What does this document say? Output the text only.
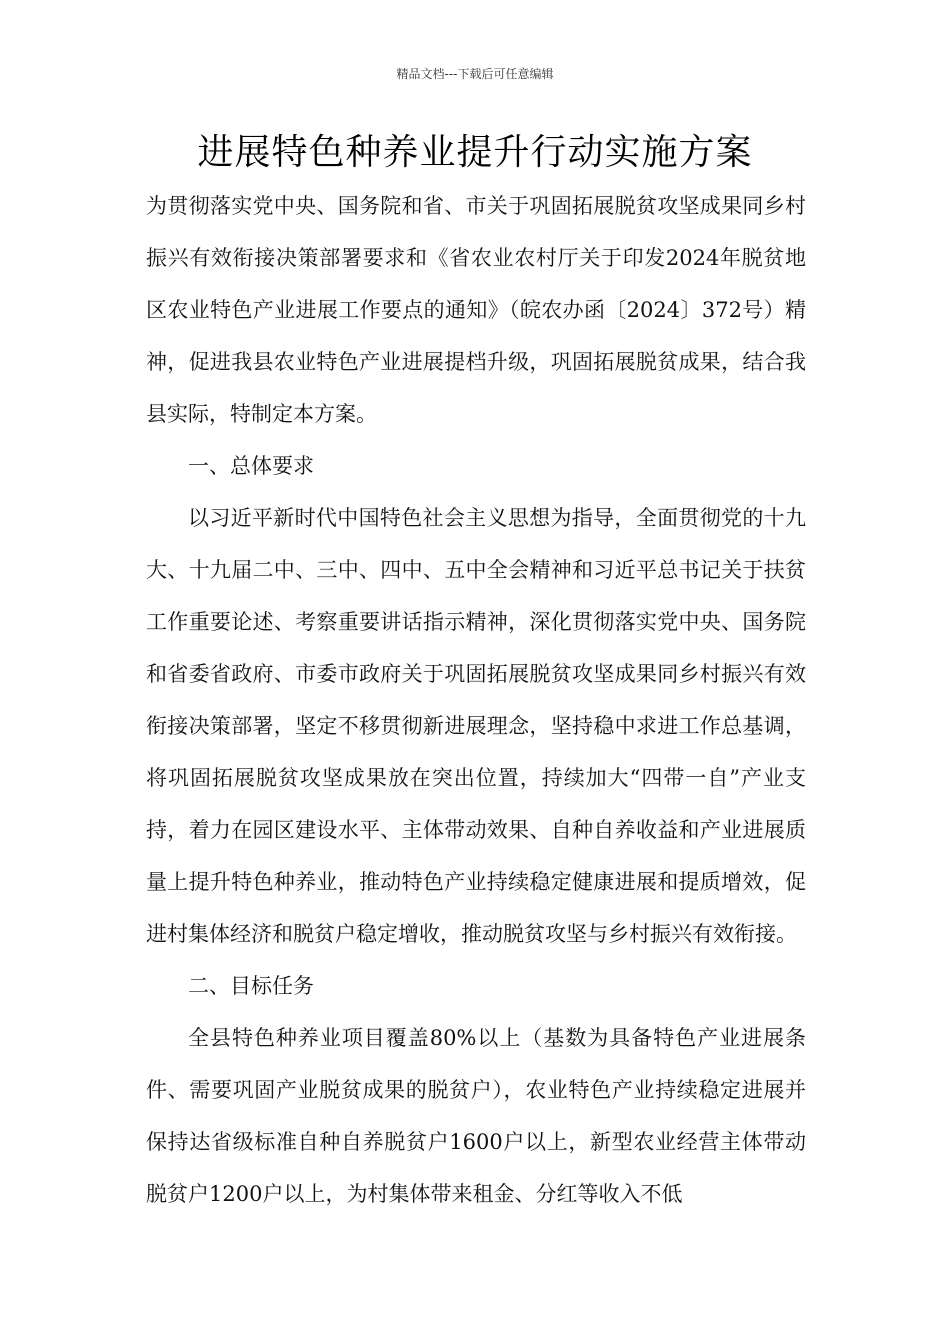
精品文档---下载后可任意编辑
进展特色种养业提升行动实施方案

为贯彻落实党中央、国务院和省、市关于巩固拓展脱贫攻坚成果同乡村振兴有效衔接决策部署要求和《省农业农村厅关于印发2024年脱贫地区农业特色产业进展工作要点的通知》（皖农办函〔2024〕372号）精神，促进我县农业特色产业进展提档升级，巩固拓展脱贫成果，结合我县实际，特制定本方案。

一、总体要求

以习近平新时代中国特色社会主义思想为指导，全面贯彻党的十九大、十九届二中、三中、四中、五中全会精神和习近平总书记关于扶贫工作重要论述、考察重要讲话指示精神，深化贯彻落实党中央、国务院和省委省政府、市委市政府关于巩固拓展脱贫攻坚成果同乡村振兴有效衔接决策部署，坚定不移贯彻新进展理念，坚持稳中求进工作总基调，将巩固拓展脱贫攻坚成果放在突出位置，持续加大“四带一自”产业支持，着力在园区建设水平、主体带动效果、自种自养收益和产业进展质量上提升特色种养业，推动特色产业持续稳定健康进展和提质增效，促进村集体经济和脱贫户稳定增收，推动脱贫攻坚与乡村振兴有效衔接。

二、目标任务

全县特色种养业项目覆盖80%以上（基数为具备特色产业进展条件、需要巩固产业脱贫成果的脱贫户），农业特色产业持续稳定进展并保持达省级标准自种自养脱贫户1600户以上，新型农业经营主体带动脱贫户1200户以上，为村集体带来租金、分红等收入不低
